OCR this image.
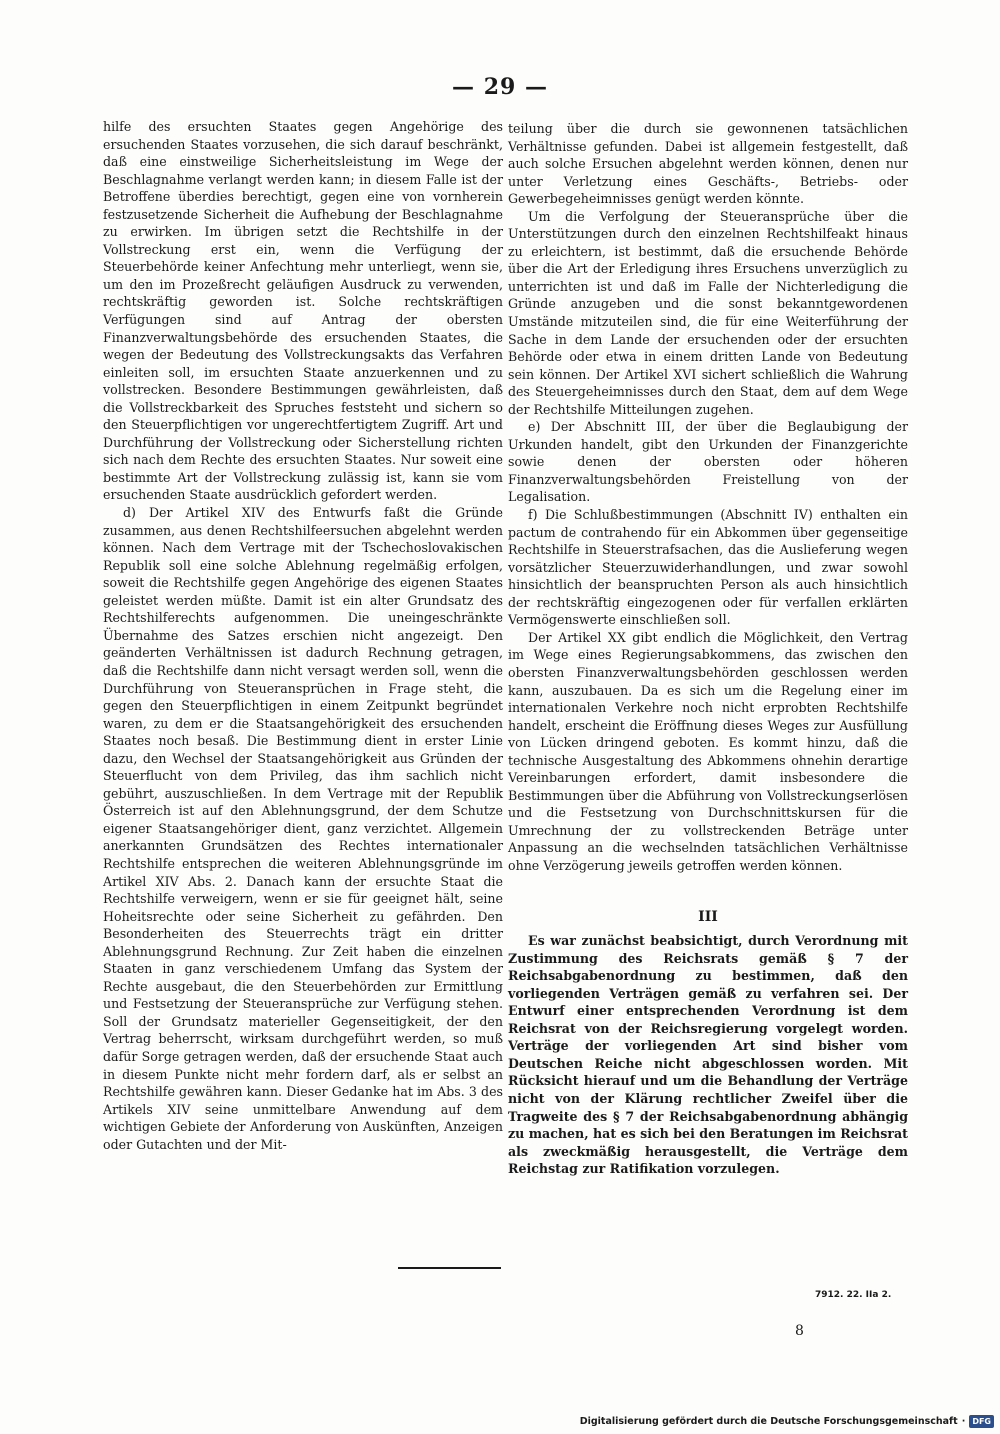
— 29 —

hilfe des ersuchten Staates gegen Angehörige des ersuchenden Staates vorzusehen, die sich darauf beschränkt, daß eine einstweilige Sicherheitsleistung im Wege der Beschlagnahme verlangt werden kann; in diesem Falle ist der Betroffene überdies berechtigt, gegen eine von vornherein festzusetzende Sicherheit die Aufhebung der Beschlagnahme zu erwirken. Im übrigen setzt die Rechtshilfe in der Vollstreckung erst ein, wenn die Verfügung der Steuerbehörde keiner Anfechtung mehr unterliegt, wenn sie, um den im Prozeßrecht geläufigen Ausdruck zu verwenden, rechtskräftig geworden ist. Solche rechtskräftigen Verfügungen sind auf Antrag der obersten Finanzverwaltungsbehörde des ersuchenden Staates, die wegen der Bedeutung des Vollstreckungsakts das Verfahren einleiten soll, im ersuchten Staate anzuerkennen und zu vollstrecken. Besondere Bestimmungen gewährleisten, daß die Vollstreckbarkeit des Spruches feststeht und sichern so den Steuerpflichtigen vor ungerechtfertigtem Zugriff. Art und Durchführung der Vollstreckung oder Sicherstellung richten sich nach dem Rechte des ersuchten Staates. Nur soweit eine bestimmte Art der Vollstreckung zulässig ist, kann sie vom ersuchenden Staate ausdrücklich gefordert werden.

d) Der Artikel XIV des Entwurfs faßt die Gründe zusammen, aus denen Rechtshilfeersuchen abgelehnt werden können. Nach dem Vertrage mit der Tschechoslovakischen Republik soll eine solche Ablehnung regelmäßig erfolgen, soweit die Rechtshilfe gegen Angehörige des eigenen Staates geleistet werden müßte. Damit ist ein alter Grundsatz des Rechtshilferechts aufgenommen. Die uneingeschränkte Übernahme des Satzes erschien nicht angezeigt. Den geänderten Verhältnissen ist dadurch Rechnung getragen, daß die Rechtshilfe dann nicht versagt werden soll, wenn die Durchführung von Steueransprüchen in Frage steht, die gegen den Steuerpflichtigen in einem Zeitpunkt begründet waren, zu dem er die Staatsangehörigkeit des ersuchenden Staates noch besaß. Die Bestimmung dient in erster Linie dazu, den Wechsel der Staatsangehörigkeit aus Gründen der Steuerflucht von dem Privileg, das ihm sachlich nicht gebührt, auszuschließen. In dem Vertrage mit der Republik Österreich ist auf den Ablehnungsgrund, der dem Schutze eigener Staatsangehöriger dient, ganz verzichtet. Allgemein anerkannten Grundsätzen des Rechtes internationaler Rechtshilfe entsprechen die weiteren Ablehnungsgründe im Artikel XIV Abs. 2. Danach kann der ersuchte Staat die Rechtshilfe verweigern, wenn er sie für geeignet hält, seine Hoheitsrechte oder seine Sicherheit zu gefährden. Den Besonderheiten des Steuerrechts trägt ein dritter Ablehnungsgrund Rechnung. Zur Zeit haben die einzelnen Staaten in ganz verschiedenem Umfang das System der Rechte ausgebaut, die den Steuerbehörden zur Ermittlung und Festsetzung der Steueransprüche zur Verfügung stehen. Soll der Grundsatz materieller Gegenseitigkeit, der den Vertrag beherrscht, wirksam durchgeführt werden, so muß dafür Sorge getragen werden, daß der ersuchende Staat auch in diesem Punkte nicht mehr fordern darf, als er selbst an Rechtshilfe gewähren kann. Dieser Gedanke hat im Abs. 3 des Artikels XIV seine unmittelbare Anwendung auf dem wichtigen Gebiete der Anforderung von Auskünften, Anzeigen oder Gutachten und der Mit-

teilung über die durch sie gewonnenen tatsächlichen Verhältnisse gefunden. Dabei ist allgemein festgestellt, daß auch solche Ersuchen abgelehnt werden können, denen nur unter Verletzung eines Geschäfts-, Betriebs- oder Gewerbegeheimnisses genügt werden könnte.

Um die Verfolgung der Steueransprüche über die Unterstützungen durch den einzelnen Rechtshilfeakt hinaus zu erleichtern, ist bestimmt, daß die ersuchende Behörde über die Art der Erledigung ihres Ersuchens unverzüglich zu unterrichten ist und daß im Falle der Nichterledigung die Gründe anzugeben und die sonst bekanntgewordenen Umstände mitzuteilen sind, die für eine Weiterführung der Sache in dem Lande der ersuchenden oder der ersuchten Behörde oder etwa in einem dritten Lande von Bedeutung sein können. Der Artikel XVI sichert schließlich die Wahrung des Steuergeheimnisses durch den Staat, dem auf dem Wege der Rechtshilfe Mitteilungen zugehen.

e) Der Abschnitt III, der über die Beglaubigung der Urkunden handelt, gibt den Urkunden der Finanzgerichte sowie denen der obersten oder höheren Finanzverwaltungsbehörden Freistellung von der Legalisation.

f) Die Schlußbestimmungen (Abschnitt IV) enthalten ein pactum de contrahendo für ein Abkommen über gegenseitige Rechtshilfe in Steuerstrafsachen, das die Auslieferung wegen vorsätzlicher Steuerzuwiderhandlungen, und zwar sowohl hinsichtlich der beanspruchten Person als auch hinsichtlich der rechtskräftig eingezogenen oder für verfallen erklärten Vermögenswerte einschließen soll.

Der Artikel XX gibt endlich die Möglichkeit, den Vertrag im Wege eines Regierungsabkommens, das zwischen den obersten Finanzverwaltungsbehörden geschlossen werden kann, auszubauen. Da es sich um die Regelung einer im internationalen Verkehre noch nicht erprobten Rechtshilfe handelt, erscheint die Eröffnung dieses Weges zur Ausfüllung von Lücken dringend geboten. Es kommt hinzu, daß die technische Ausgestaltung des Abkommens ohnehin derartige Vereinbarungen erfordert, damit insbesondere die Bestimmungen über die Abführung von Vollstreckungserlösen und die Festsetzung von Durchschnittskursen für die Umrechnung der zu vollstreckenden Beträge unter Anpassung an die wechselnden tatsächlichen Verhältnisse ohne Verzögerung jeweils getroffen werden können.

III

Es war zunächst beabsichtigt, durch Verordnung mit Zustimmung des Reichsrats gemäß § 7 der Reichsabgabenordnung zu bestimmen, daß den vorliegenden Verträgen gemäß zu verfahren sei. Der Entwurf einer entsprechenden Verordnung ist dem Reichsrat von der Reichsregierung vorgelegt worden. Verträge der vorliegenden Art sind bisher vom Deutschen Reiche nicht abgeschlossen worden. Mit Rücksicht hierauf und um die Behandlung der Verträge nicht von der Klärung rechtlicher Zweifel über die Tragweite des § 7 der Reichsabgabenordnung abhängig zu machen, hat es sich bei den Beratungen im Reichsrat als zweckmäßig herausgestellt, die Verträge dem Reichstag zur Ratifikation vorzulegen.

7912. 22. IIa 2.
8
Digitalisierung gefördert durch die Deutsche Forschungsgemeinschaft · DFG
